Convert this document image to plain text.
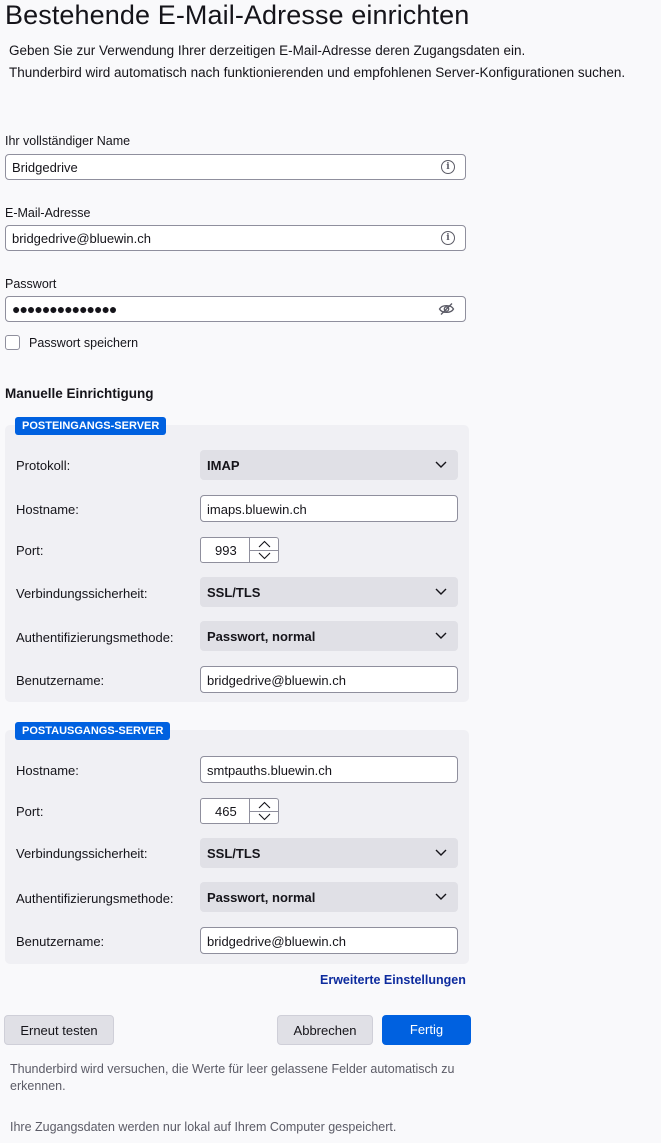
Bestehende E-Mail-Adresse einrichten
Geben Sie zur Verwendung Ihrer derzeitigen E-Mail-Adresse deren Zugangsdaten ein.
Thunderbird wird automatisch nach funktionierenden und empfohlenen Server-Konfigurationen suchen.
Ihr vollständiger Name
Bridgedrive	i
E-Mail-Adresse
bridgedrive@bluewin.ch	i
Passwort
●●●●●●●●●●●●●●
Passwort speichern
Manuelle Einrichtigung
POSTEINGANGS-SERVER
Protokoll:	IMAP
Hostname:	imaps.bluewin.ch
Port:	993
Verbindungssicherheit:	SSL/TLS
Authentifizierungsmethode:	Passwort, normal
Benutzername:	bridgedrive@bluewin.ch
POSTAUSGANGS-SERVER
Hostname:	smtpauths.bluewin.ch
Port:	465
Verbindungssicherheit:	SSL/TLS
Authentifizierungsmethode:	Passwort, normal
Benutzername:	bridgedrive@bluewin.ch
Erweiterte Einstellungen
Erneut testen	Abbrechen	Fertig
Thunderbird wird versuchen, die Werte für leer gelassene Felder automatisch zu erkennen.
Ihre Zugangsdaten werden nur lokal auf Ihrem Computer gespeichert.
